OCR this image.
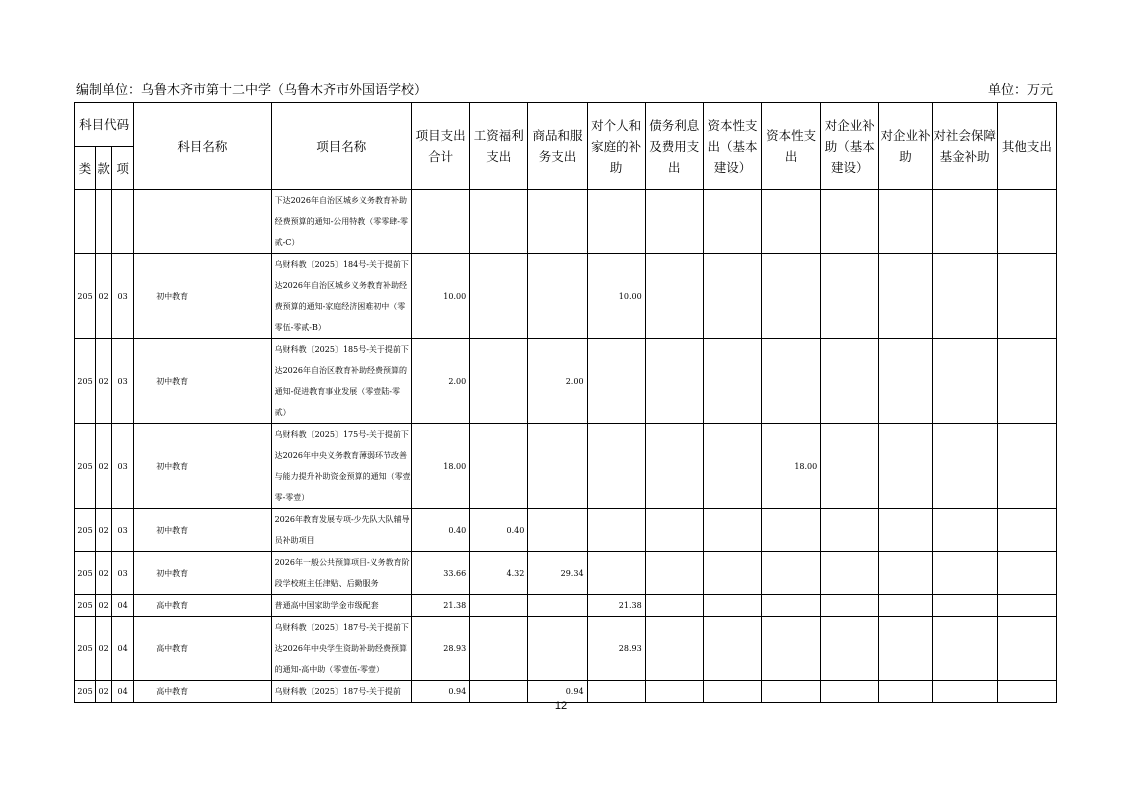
编制单位：乌鲁木齐市第十二中学（乌鲁木齐市外国语学校）	单位：万元
科目代码			科目名称	项目名称	项目支出合计	工资福利支出	商品和服务支出	对个人和家庭的补助	债务利息及费用支出	资本性支出（基本建设）	资本性支出	对企业补助（基本建设）	对企业补助	对社会保障基金补助	其他支出
类	款	项													
				下达2026年自治区城乡义务教育补助经费预算的通知-公用特教（零零肆-零贰-C）											
205	02	03	初中教育	乌财科教〔2025〕184号-关于提前下达2026年自治区城乡义务教育补助经费预算的通知-家庭经济困难初中（零零伍-零贰-B）	10.00			10.00							
205	02	03	初中教育	乌财科教〔2025〕185号-关于提前下达2026年自治区教育补助经费预算的通知-促进教育事业发展（零壹陆-零贰）	2.00		2.00								
205	02	03	初中教育	乌财科教〔2025〕175号-关于提前下达2026年中央义务教育薄弱环节改善与能力提升补助资金预算的通知（零壹零-零壹）	18.00						18.00				
205	02	03	初中教育	2026年教育发展专项-少先队大队辅导员补助项目	0.40	0.40									
205	02	03	初中教育	2026年一般公共预算项目-义务教育阶段学校班主任津贴、后勤服务	33.66	4.32	29.34								
205	02	04	高中教育	普通高中国家助学金市级配套	21.38			21.38							
205	02	04	高中教育	乌财科教〔2025〕187号-关于提前下达2026年中央学生资助补助经费预算的通知-高中助（零壹伍-零壹）	28.93			28.93							
205	02	04	高中教育	乌财科教〔2025〕187号-关于提前	0.94		0.94								
12
